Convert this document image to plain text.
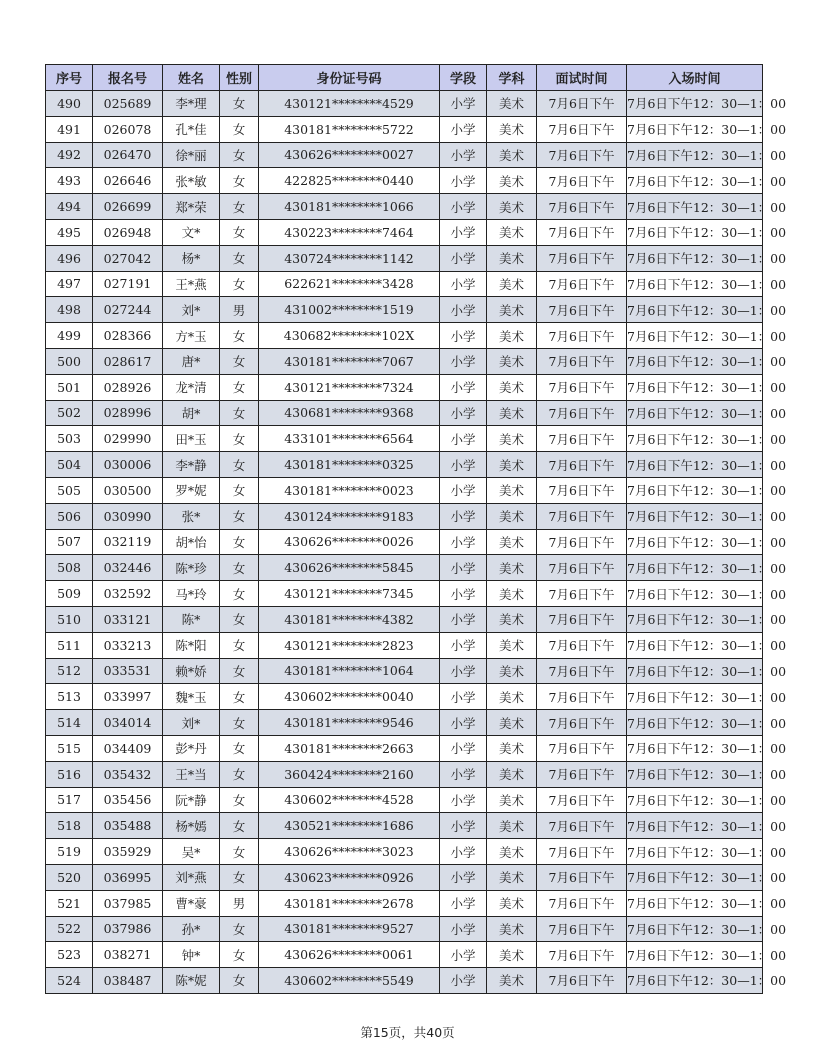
序号	报名号	姓名	性别	身份证号码	学段	学科	面试时间	入场时间
490	025689	李*理	女	430121********4529	小学	美术	7月6日下午	7月6日下午12：30—1：00
491	026078	孔*佳	女	430181********5722	小学	美术	7月6日下午	7月6日下午12：30—1：00
492	026470	徐*丽	女	430626********0027	小学	美术	7月6日下午	7月6日下午12：30—1：00
493	026646	张*敏	女	422825********0440	小学	美术	7月6日下午	7月6日下午12：30—1：00
494	026699	郑*荣	女	430181********1066	小学	美术	7月6日下午	7月6日下午12：30—1：00
495	026948	文*	女	430223********7464	小学	美术	7月6日下午	7月6日下午12：30—1：00
496	027042	杨*	女	430724********1142	小学	美术	7月6日下午	7月6日下午12：30—1：00
497	027191	王*燕	女	622621********3428	小学	美术	7月6日下午	7月6日下午12：30—1：00
498	027244	刘*	男	431002********1519	小学	美术	7月6日下午	7月6日下午12：30—1：00
499	028366	方*玉	女	430682********102X	小学	美术	7月6日下午	7月6日下午12：30—1：00
500	028617	唐*	女	430181********7067	小学	美术	7月6日下午	7月6日下午12：30—1：00
501	028926	龙*清	女	430121********7324	小学	美术	7月6日下午	7月6日下午12：30—1：00
502	028996	胡*	女	430681********9368	小学	美术	7月6日下午	7月6日下午12：30—1：00
503	029990	田*玉	女	433101********6564	小学	美术	7月6日下午	7月6日下午12：30—1：00
504	030006	李*静	女	430181********0325	小学	美术	7月6日下午	7月6日下午12：30—1：00
505	030500	罗*妮	女	430181********0023	小学	美术	7月6日下午	7月6日下午12：30—1：00
506	030990	张*	女	430124********9183	小学	美术	7月6日下午	7月6日下午12：30—1：00
507	032119	胡*怡	女	430626********0026	小学	美术	7月6日下午	7月6日下午12：30—1：00
508	032446	陈*珍	女	430626********5845	小学	美术	7月6日下午	7月6日下午12：30—1：00
509	032592	马*玲	女	430121********7345	小学	美术	7月6日下午	7月6日下午12：30—1：00
510	033121	陈*	女	430181********4382	小学	美术	7月6日下午	7月6日下午12：30—1：00
511	033213	陈*阳	女	430121********2823	小学	美术	7月6日下午	7月6日下午12：30—1：00
512	033531	赖*娇	女	430181********1064	小学	美术	7月6日下午	7月6日下午12：30—1：00
513	033997	魏*玉	女	430602********0040	小学	美术	7月6日下午	7月6日下午12：30—1：00
514	034014	刘*	女	430181********9546	小学	美术	7月6日下午	7月6日下午12：30—1：00
515	034409	彭*丹	女	430181********2663	小学	美术	7月6日下午	7月6日下午12：30—1：00
516	035432	王*当	女	360424********2160	小学	美术	7月6日下午	7月6日下午12：30—1：00
517	035456	阮*静	女	430602********4528	小学	美术	7月6日下午	7月6日下午12：30—1：00
518	035488	杨*嫣	女	430521********1686	小学	美术	7月6日下午	7月6日下午12：30—1：00
519	035929	吴*	女	430626********3023	小学	美术	7月6日下午	7月6日下午12：30—1：00
520	036995	刘*燕	女	430623********0926	小学	美术	7月6日下午	7月6日下午12：30—1：00
521	037985	曹*豪	男	430181********2678	小学	美术	7月6日下午	7月6日下午12：30—1：00
522	037986	孙*	女	430181********9527	小学	美术	7月6日下午	7月6日下午12：30—1：00
523	038271	钟*	女	430626********0061	小学	美术	7月6日下午	7月6日下午12：30—1：00
524	038487	陈*妮	女	430602********5549	小学	美术	7月6日下午	7月6日下午12：30—1：00
第15页，共40页
